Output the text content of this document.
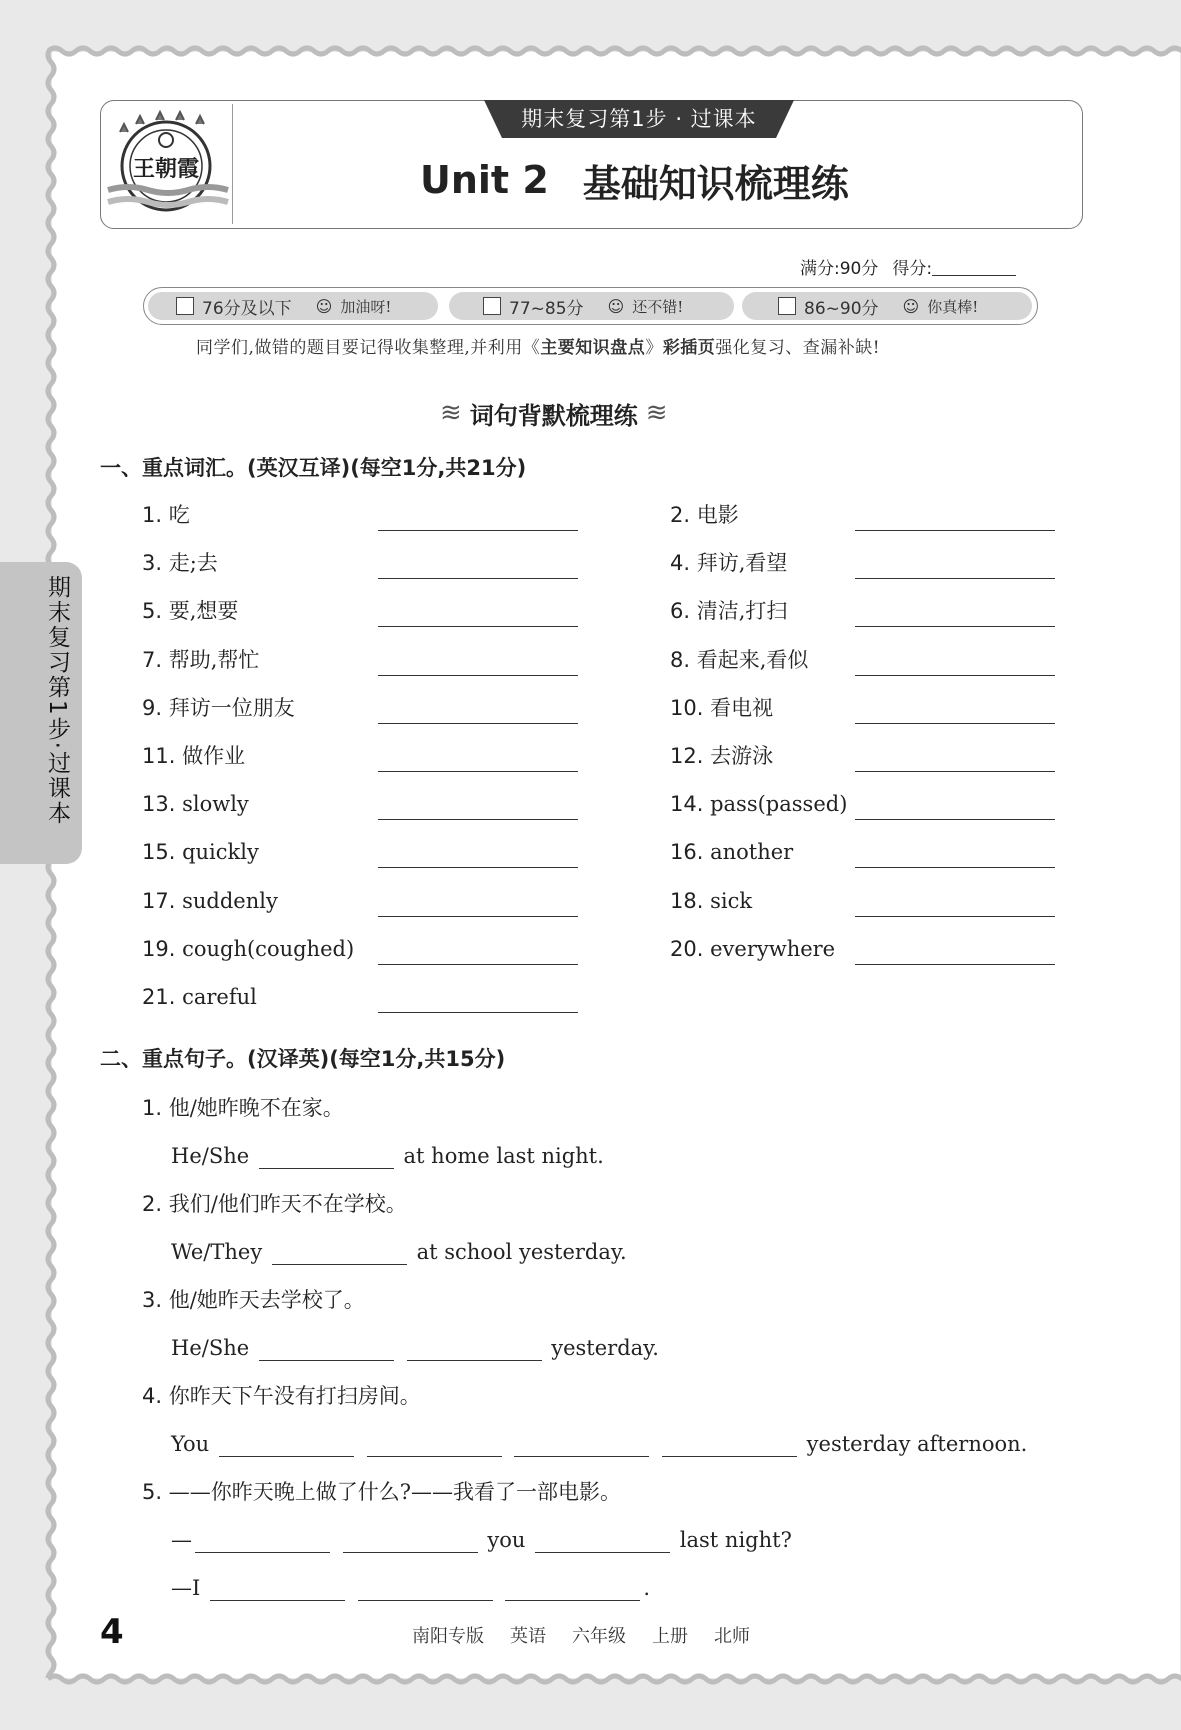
王朝霞
期末复习第1步 · 过课本
Unit 2 基础知识梳理练
满分:90分 得分:
76分及以下 ☺ 加油呀!	77~85分 ☺ 还不错!	86~90分 ☺ 你真棒!
同学们,做错的题目要记得收集整理,并利用《主要知识盘点》彩插页强化复习、查漏补缺!
≋ 词句背默梳理练 ≋
一、重点词汇。(英汉互译)(每空1分,共21分)
1. 吃	2. 电影
3. 走;去	4. 拜访,看望
5. 要,想要	6. 清洁,打扫
7. 帮助,帮忙	8. 看起来,看似
9. 拜访一位朋友	10. 看电视
11. 做作业	12. 去游泳
13. slowly	14. pass(passed)
15. quickly	16. another
17. suddenly	18. sick
19. cough(coughed)	20. everywhere
21. careful
二、重点句子。(汉译英)(每空1分,共15分)
1. 他/她昨晚不在家。
He/She	at home last night.
2. 我们/他们昨天不在学校。
We/They	at school yesterday.
3. 他/她昨天去学校了。
He/She	yesterday.
4. 你昨天下午没有打扫房间。
You	yesterday afternoon.
5. ——你昨天晚上做了什么?——我看了一部电影。
—	you	last night?
—I	.
期末复习第1步·过课本
4	南阳专版 英语 六年级 上册 北师
